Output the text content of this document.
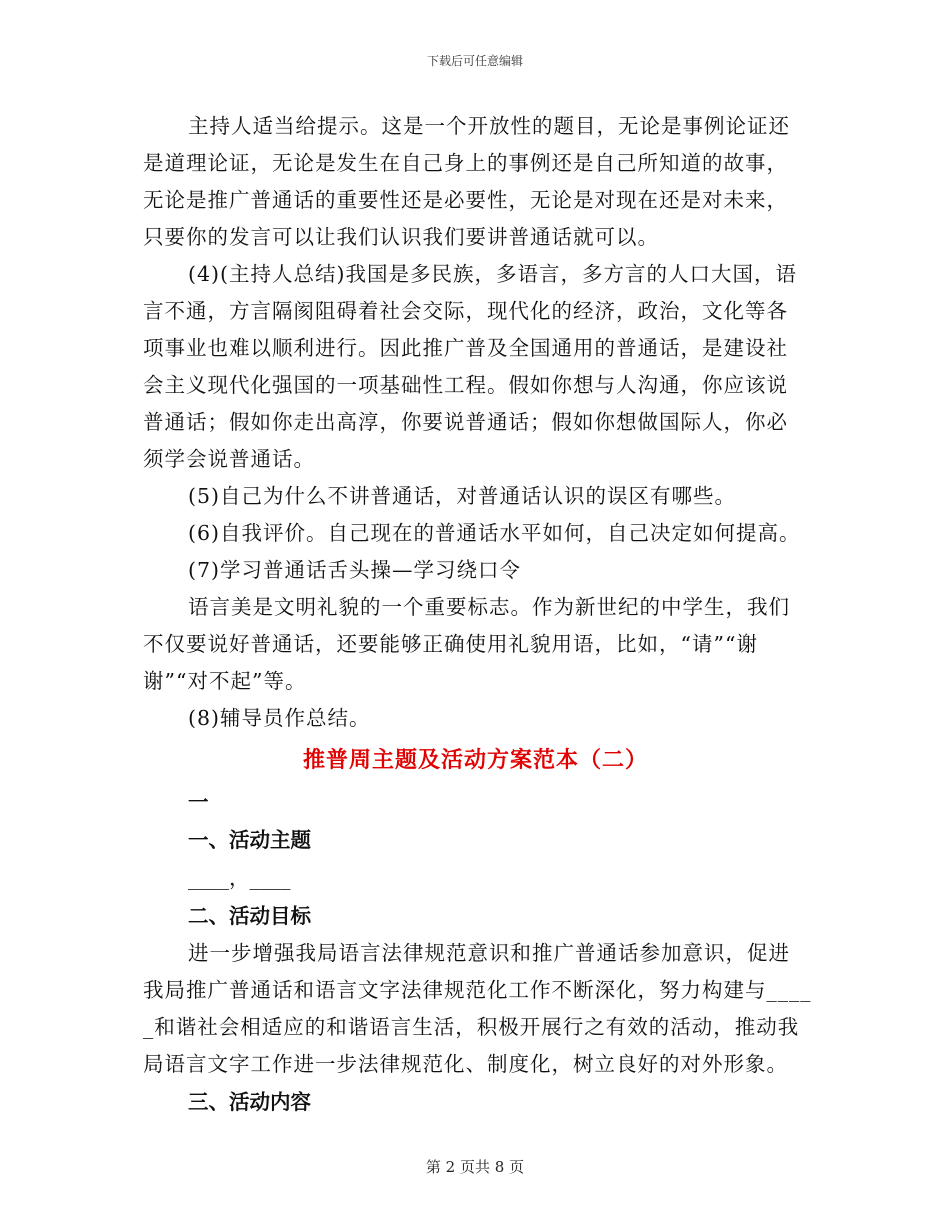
下载后可任意编辑
主持人适当给提示。这是一个开放性的题目，无论是事例论证还
是道理论证，无论是发生在自己身上的事例还是自己所知道的故事，
无论是推广普通话的重要性还是必要性，无论是对现在还是对未来，
只要你的发言可以让我们认识我们要讲普通话就可以。
(4)(主持人总结)我国是多民族，多语言，多方言的人口大国，语
言不通，方言隔阂阻碍着社会交际，现代化的经济，政治，文化等各
项事业也难以顺利进行。因此推广普及全国通用的普通话，是建设社
会主义现代化强国的一项基础性工程。假如你想与人沟通，你应该说
普通话；假如你走出高淳，你要说普通话；假如你想做国际人，你必
须学会说普通话。
(5)自己为什么不讲普通话，对普通话认识的误区有哪些。
(6)自我评价。自己现在的普通话水平如何，自己决定如何提高。
(7)学习普通话舌头操—学习绕口令
语言美是文明礼貌的一个重要标志。作为新世纪的中学生，我们
不仅要说好普通话，还要能够正确使用礼貌用语，比如，“请”“谢
谢”“对不起”等。
(8)辅导员作总结。
推普周主题及活动方案范本（二）
一
一、活动主题
____，____
二、活动目标
进一步增强我局语言法律规范意识和推广普通话参加意识，促进
我局推广普通话和语言文字法律规范化工作不断深化，努力构建与____
_和谐社会相适应的和谐语言生活，积极开展行之有效的活动，推动我
局语言文字工作进一步法律规范化、制度化，树立良好的对外形象。
三、活动内容
第 2 页共 8 页
